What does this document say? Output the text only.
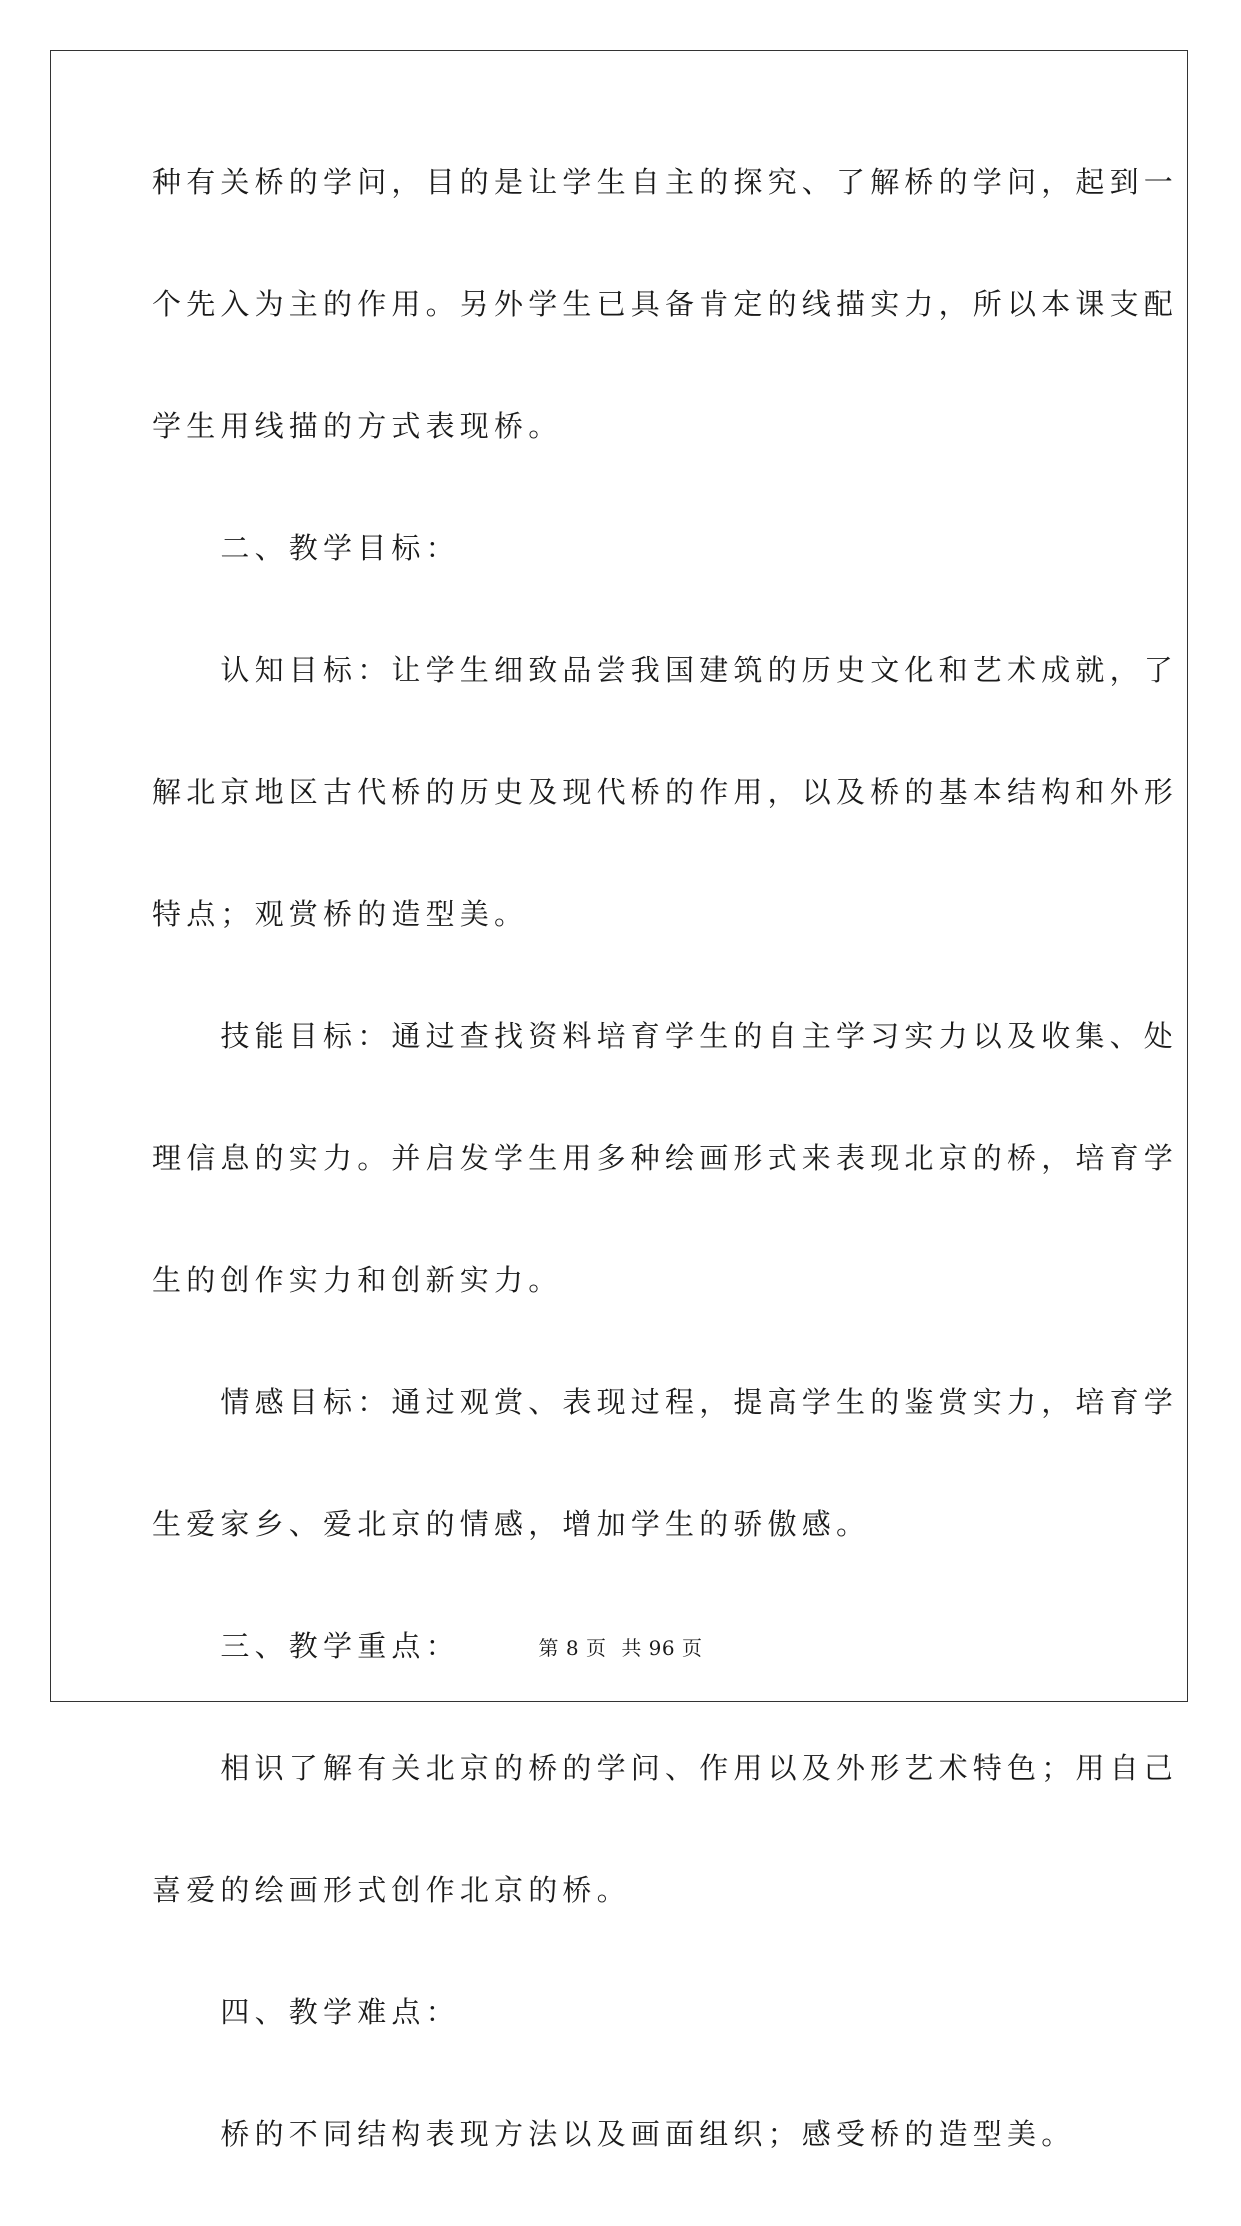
种有关桥的学问，目的是让学生自主的探究、了解桥的学问，起到一
个先入为主的作用。另外学生已具备肯定的线描实力，所以本课支配
学生用线描的方式表现桥。
　　二、教学目标：
　　认知目标：让学生细致品尝我国建筑的历史文化和艺术成就，了
解北京地区古代桥的历史及现代桥的作用，以及桥的基本结构和外形
特点；观赏桥的造型美。
　　技能目标：通过查找资料培育学生的自主学习实力以及收集、处
理信息的实力。并启发学生用多种绘画形式来表现北京的桥，培育学
生的创作实力和创新实力。
　　情感目标：通过观赏、表现过程，提高学生的鉴赏实力，培育学
生爱家乡、爱北京的情感，增加学生的骄傲感。
　　三、教学重点：
　　相识了解有关北京的桥的学问、作用以及外形艺术特色；用自己
喜爱的绘画形式创作北京的桥。
　　四、教学难点：
　　桥的不同结构表现方法以及画面组织；感受桥的造型美。
第 8 页 共 96 页
